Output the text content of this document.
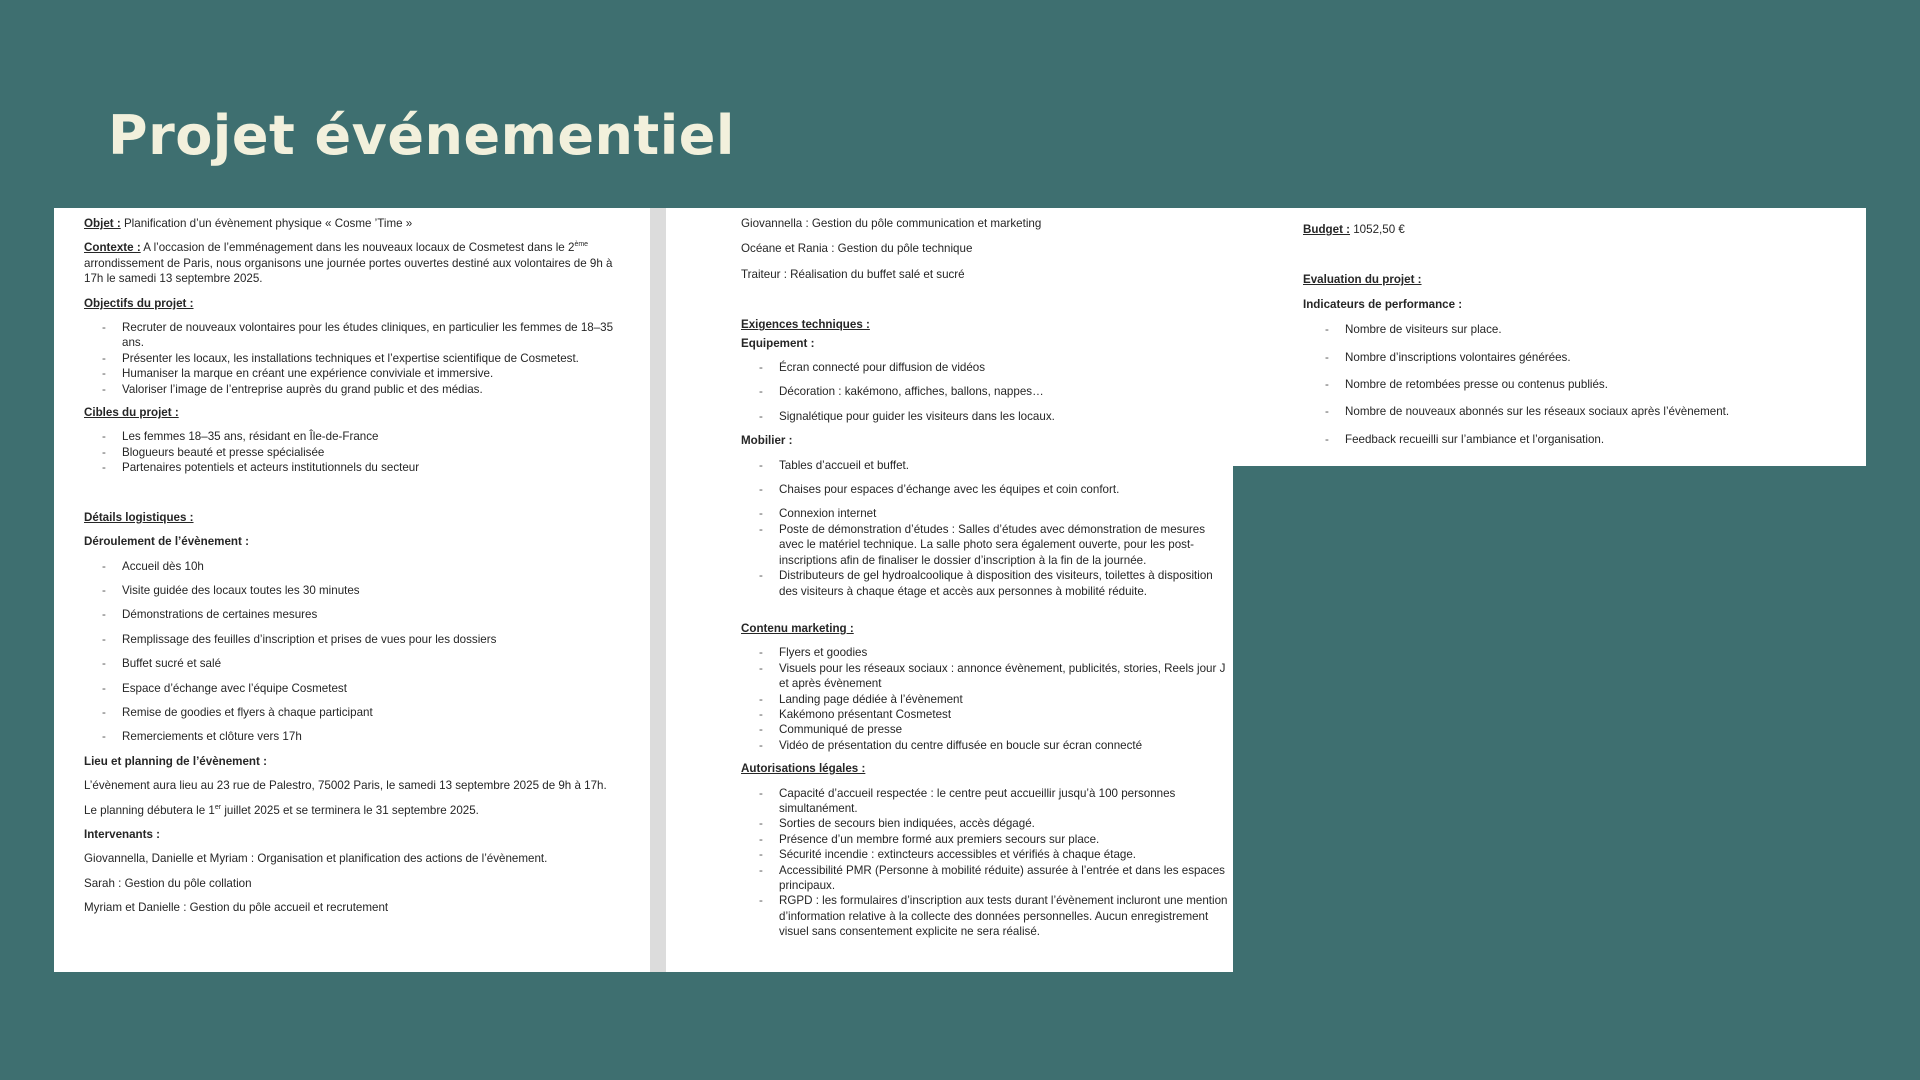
Projet événementiel

Objet : Planification d’un évènement physique « Cosme ’Time »

Contexte : A l’occasion de l’emménagement dans les nouveaux locaux de Cosmetest dans le 2ème arrondissement de Paris, nous organisons une journée portes ouvertes destiné aux volontaires de 9h à 17h le samedi 13 septembre 2025.

Objectifs du projet :
- Recruter de nouveaux volontaires pour les études cliniques, en particulier les femmes de 18–35 ans.
- Présenter les locaux, les installations techniques et l’expertise scientifique de Cosmetest.
- Humaniser la marque en créant une expérience conviviale et immersive.
- Valoriser l’image de l’entreprise auprès du grand public et des médias.
Cibles du projet :
- Les femmes 18–35 ans, résidant en Île-de-France
- Blogueurs beauté et presse spécialisée
- Partenaires potentiels et acteurs institutionnels du secteur
Détails logistiques :
Déroulement de l’évènement :
- Accueil dès 10h
- Visite guidée des locaux toutes les 30 minutes
- Démonstrations de certaines mesures
- Remplissage des feuilles d’inscription et prises de vues pour les dossiers
- Buffet sucré et salé
- Espace d’échange avec l’équipe Cosmetest
- Remise de goodies et flyers à chaque participant
- Remerciements et clôture vers 17h
Lieu et planning de l’évènement :

L’évènement aura lieu au 23 rue de Palestro, 75002 Paris, le samedi 13 septembre 2025 de 9h à 17h.

Le planning débutera le 1er juillet 2025 et se terminera le 31 septembre 2025.

Intervenants :

Giovannella, Danielle et Myriam : Organisation et planification des actions de l’évènement.

Sarah : Gestion du pôle collation

Myriam et Danielle : Gestion du pôle accueil et recrutement

Giovannella : Gestion du pôle communication et marketing

Océane et Rania : Gestion du pôle technique

Traiteur : Réalisation du buffet salé et sucré

Exigences techniques :
Equipement :
- Écran connecté pour diffusion de vidéos
- Décoration : kakémono, affiches, ballons, nappes…
- Signalétique pour guider les visiteurs dans les locaux.
Mobilier :
- Tables d’accueil et buffet.
- Chaises pour espaces d’échange avec les équipes et coin confort.
- Connexion internet
- Poste de démonstration d’études : Salles d’études avec démonstration de mesures avec le matériel technique. La salle photo sera également ouverte, pour les post-inscriptions afin de finaliser le dossier d’inscription à la fin de la journée.
- Distributeurs de gel hydroalcoolique à disposition des visiteurs, toilettes à disposition des visiteurs à chaque étage et accès aux personnes à mobilité réduite.
Contenu marketing :
- Flyers et goodies
- Visuels pour les réseaux sociaux : annonce évènement, publicités, stories, Reels jour J et après évènement
- Landing page dédiée à l’évènement
- Kakémono présentant Cosmetest
- Communiqué de presse
- Vidéo de présentation du centre diffusée en boucle sur écran connecté
Autorisations légales :
- Capacité d’accueil respectée : le centre peut accueillir jusqu’à 100 personnes simultanément.
- Sorties de secours bien indiquées, accès dégagé.
- Présence d’un membre formé aux premiers secours sur place.
- Sécurité incendie : extincteurs accessibles et vérifiés à chaque étage.
- Accessibilité PMR (Personne à mobilité réduite) assurée à l’entrée et dans les espaces principaux.
- RGPD : les formulaires d’inscription aux tests durant l’évènement incluront une mention d’information relative à la collecte des données personnelles. Aucun enregistrement visuel sans consentement explicite ne sera réalisé.

Budget : 1052,50 €

Evaluation du projet :
Indicateurs de performance :
- Nombre de visiteurs sur place.
- Nombre d’inscriptions volontaires générées.
- Nombre de retombées presse ou contenus publiés.
- Nombre de nouveaux abonnés sur les réseaux sociaux après l’évènement.
- Feedback recueilli sur l’ambiance et l’organisation.
